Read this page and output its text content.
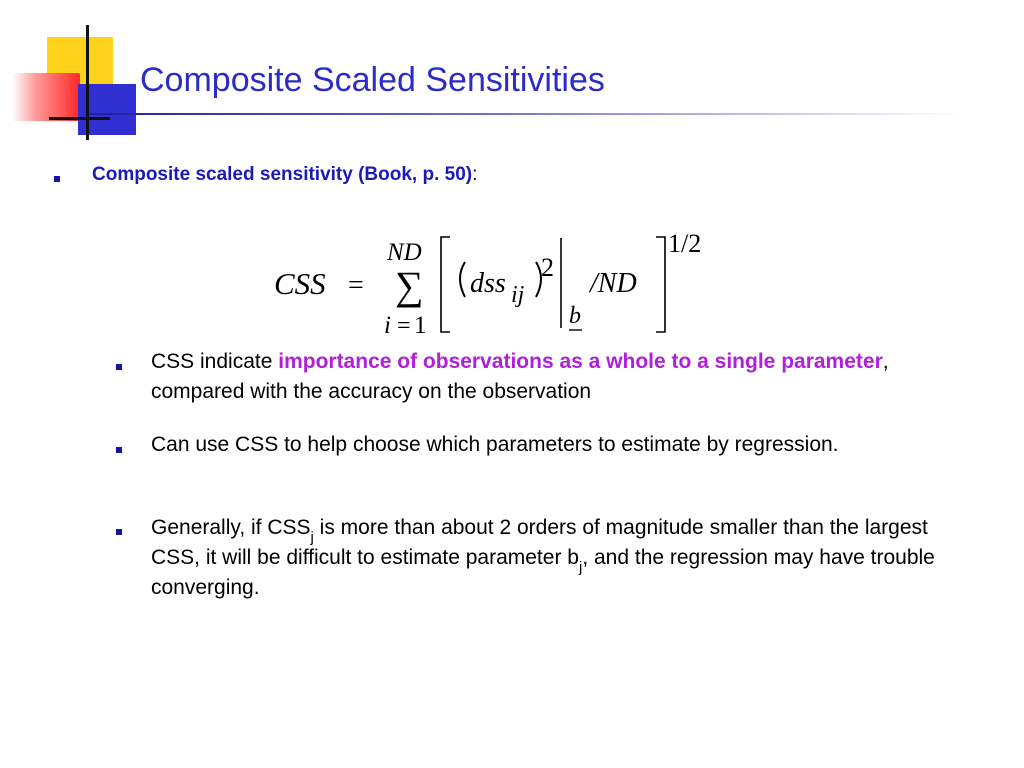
Composite Scaled Sensitivities
Composite scaled sensitivity (Book, p. 50):
CSS =
ND
∑
i = 1
dss ij
2
b
/ND
1/2
CSS indicate importance of observations as a whole to a single parameter, compared with the accuracy on the observation
Can use CSS to help choose which parameters to estimate by regression.
Generally, if $CSS_j$ is more than about 2 orders of magnitude smaller than the largest CSS, it will be difficult to estimate parameter $b_j$, and the regression may have trouble converging.
